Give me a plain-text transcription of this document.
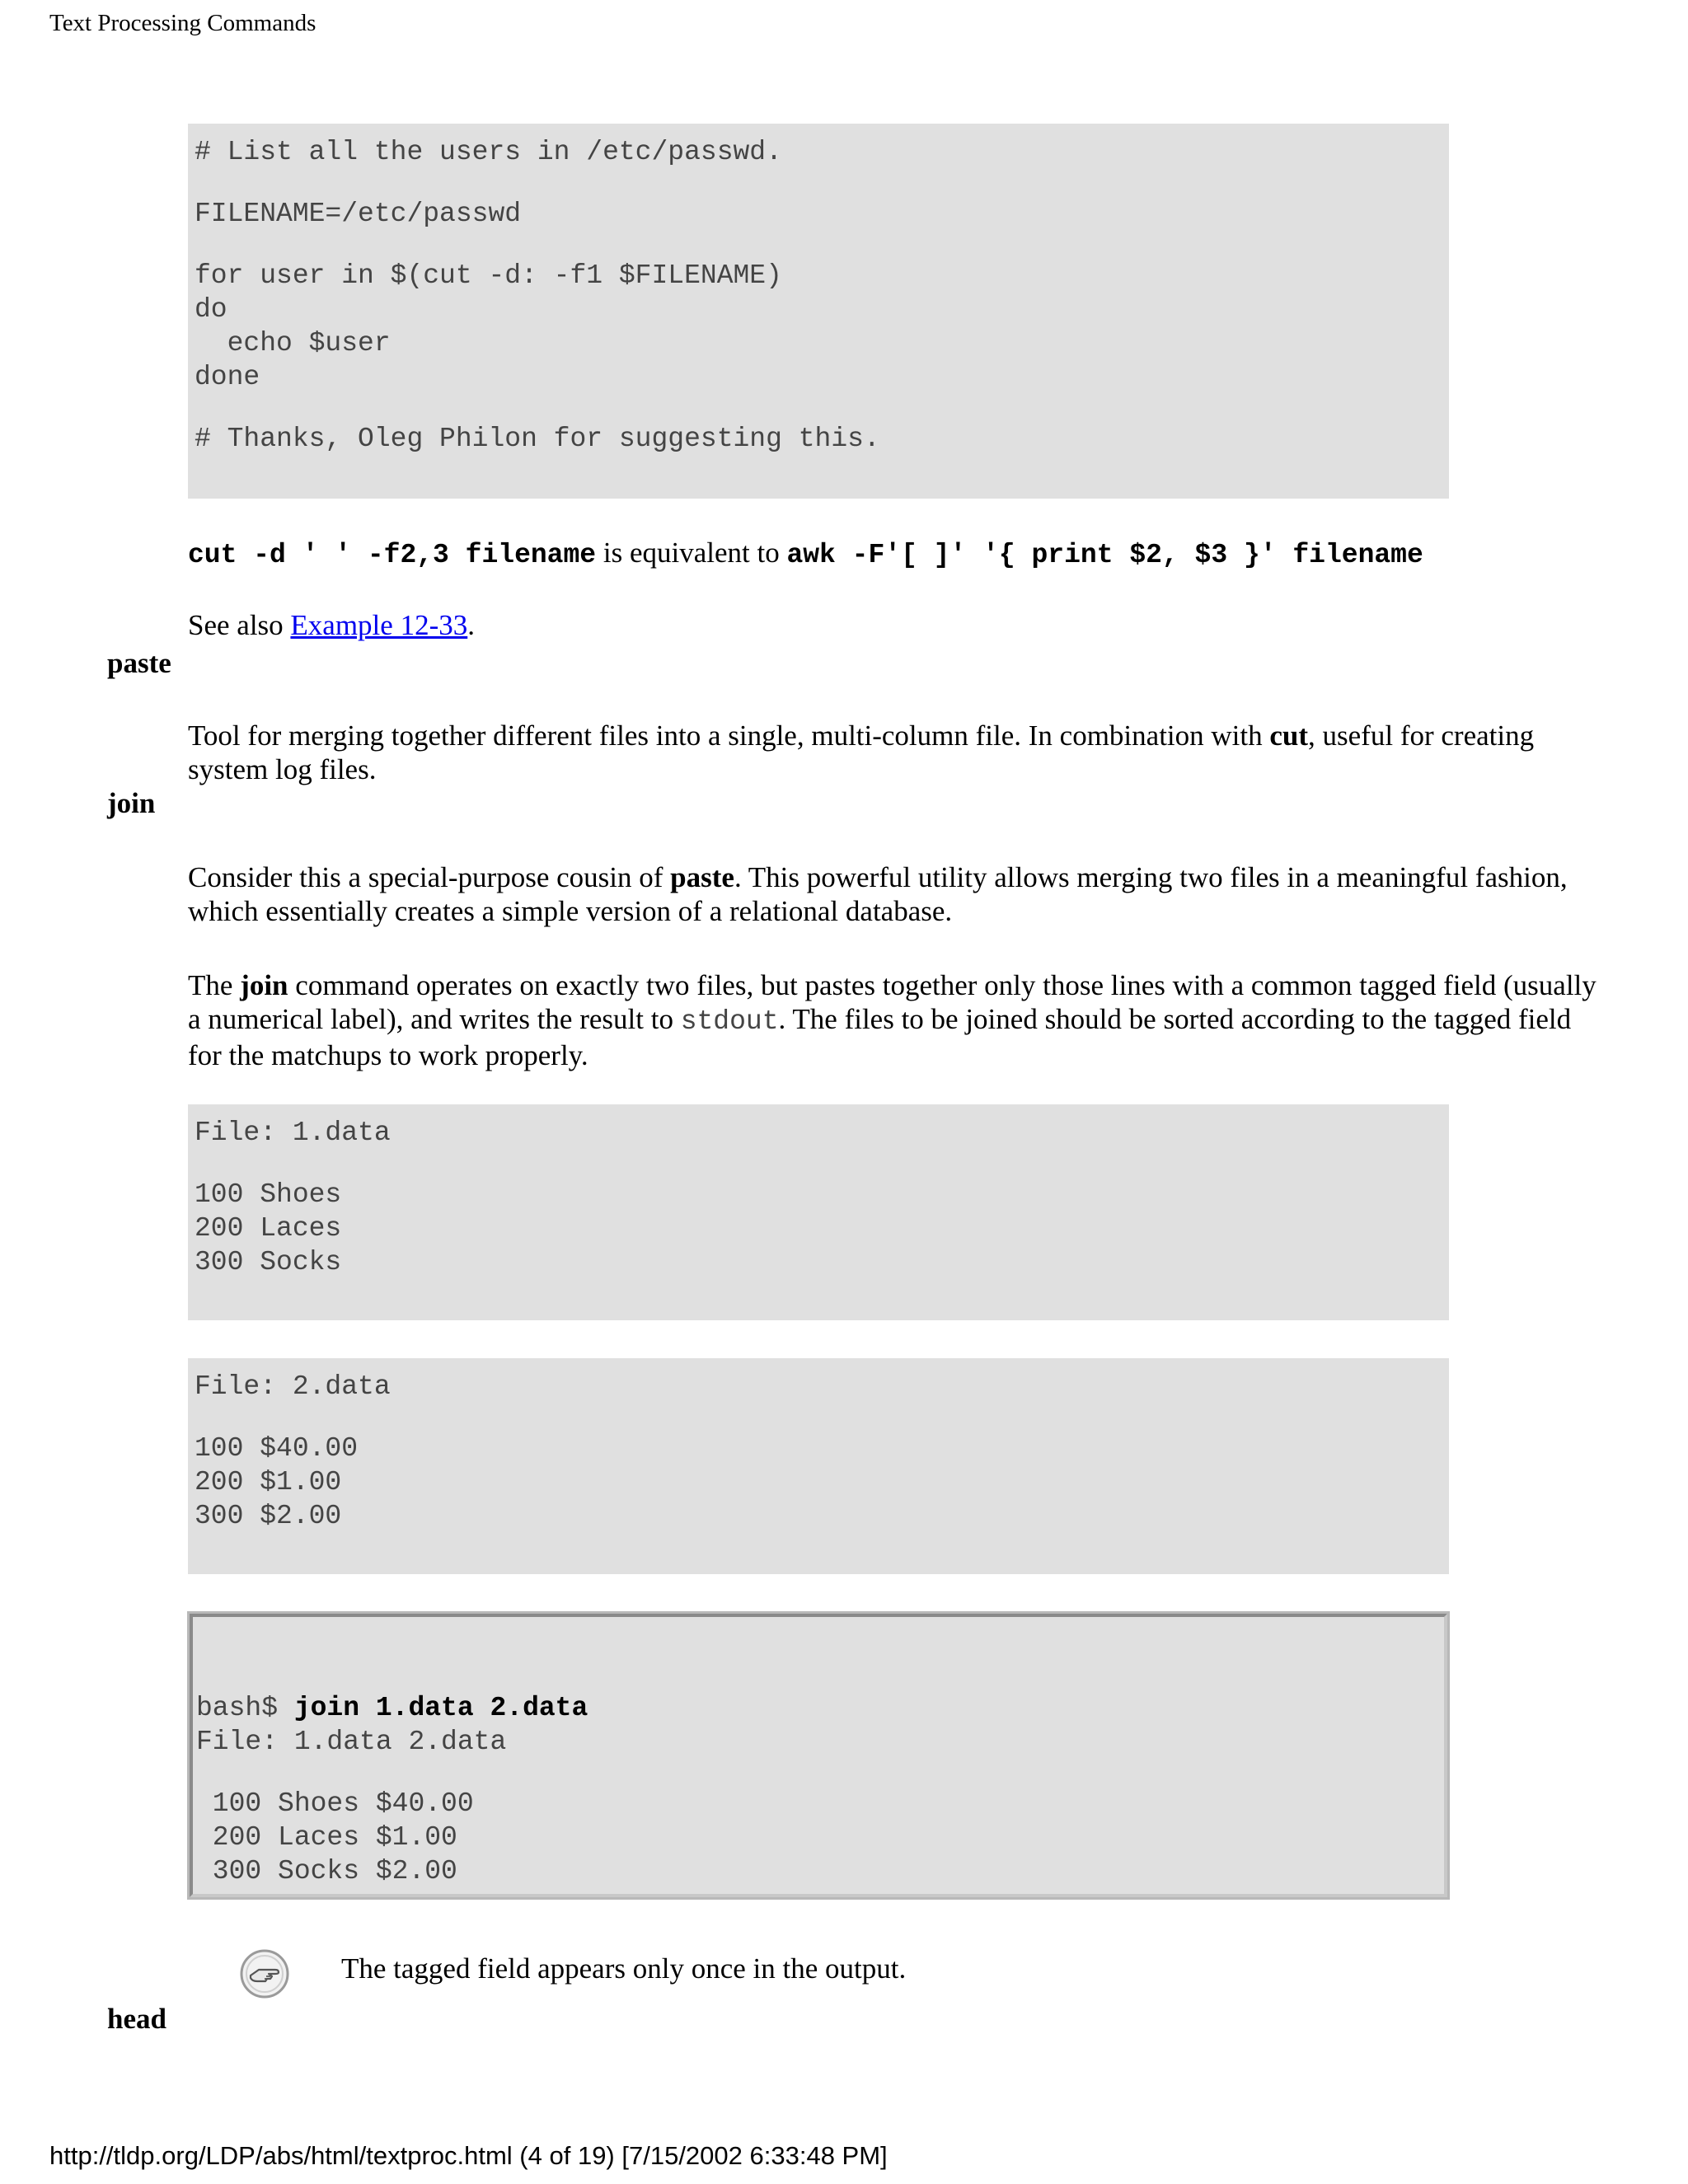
Text Processing Commands
# List all the users in /etc/passwd.
FILENAME=/etc/passwd
for user in $(cut -d: -f1 $FILENAME)
do
echo $user
done
# Thanks, Oleg Philon for suggesting this.
cut -d ' ' -f2,3 filename is equivalent to awk -F'[ ]' '{ print $2, $3 }' filename
See also Example 12-33.
paste
Tool for merging together different files into a single, multi-column file. In combination with cut, useful for creating system log files.
join
Consider this a special-purpose cousin of paste. This powerful utility allows merging two files in a meaningful fashion, which essentially creates a simple version of a relational database.
The join command operates on exactly two files, but pastes together only those lines with a common tagged field (usually a numerical label), and writes the result to stdout. The files to be joined should be sorted according to the tagged field for the matchups to work properly.
File: 1.data
100 Shoes
200 Laces
300 Socks
File: 2.data
100 $40.00
200 $1.00
300 $2.00

bash$ join 1.data 2.data
File: 1.data 2.data
100 Shoes $40.00
200 Laces $1.00
300 Socks $2.00

The tagged field appears only once in the output.
head
http://tldp.org/LDP/abs/html/textproc.html (4 of 19) [7/15/2002 6:33:48 PM]
